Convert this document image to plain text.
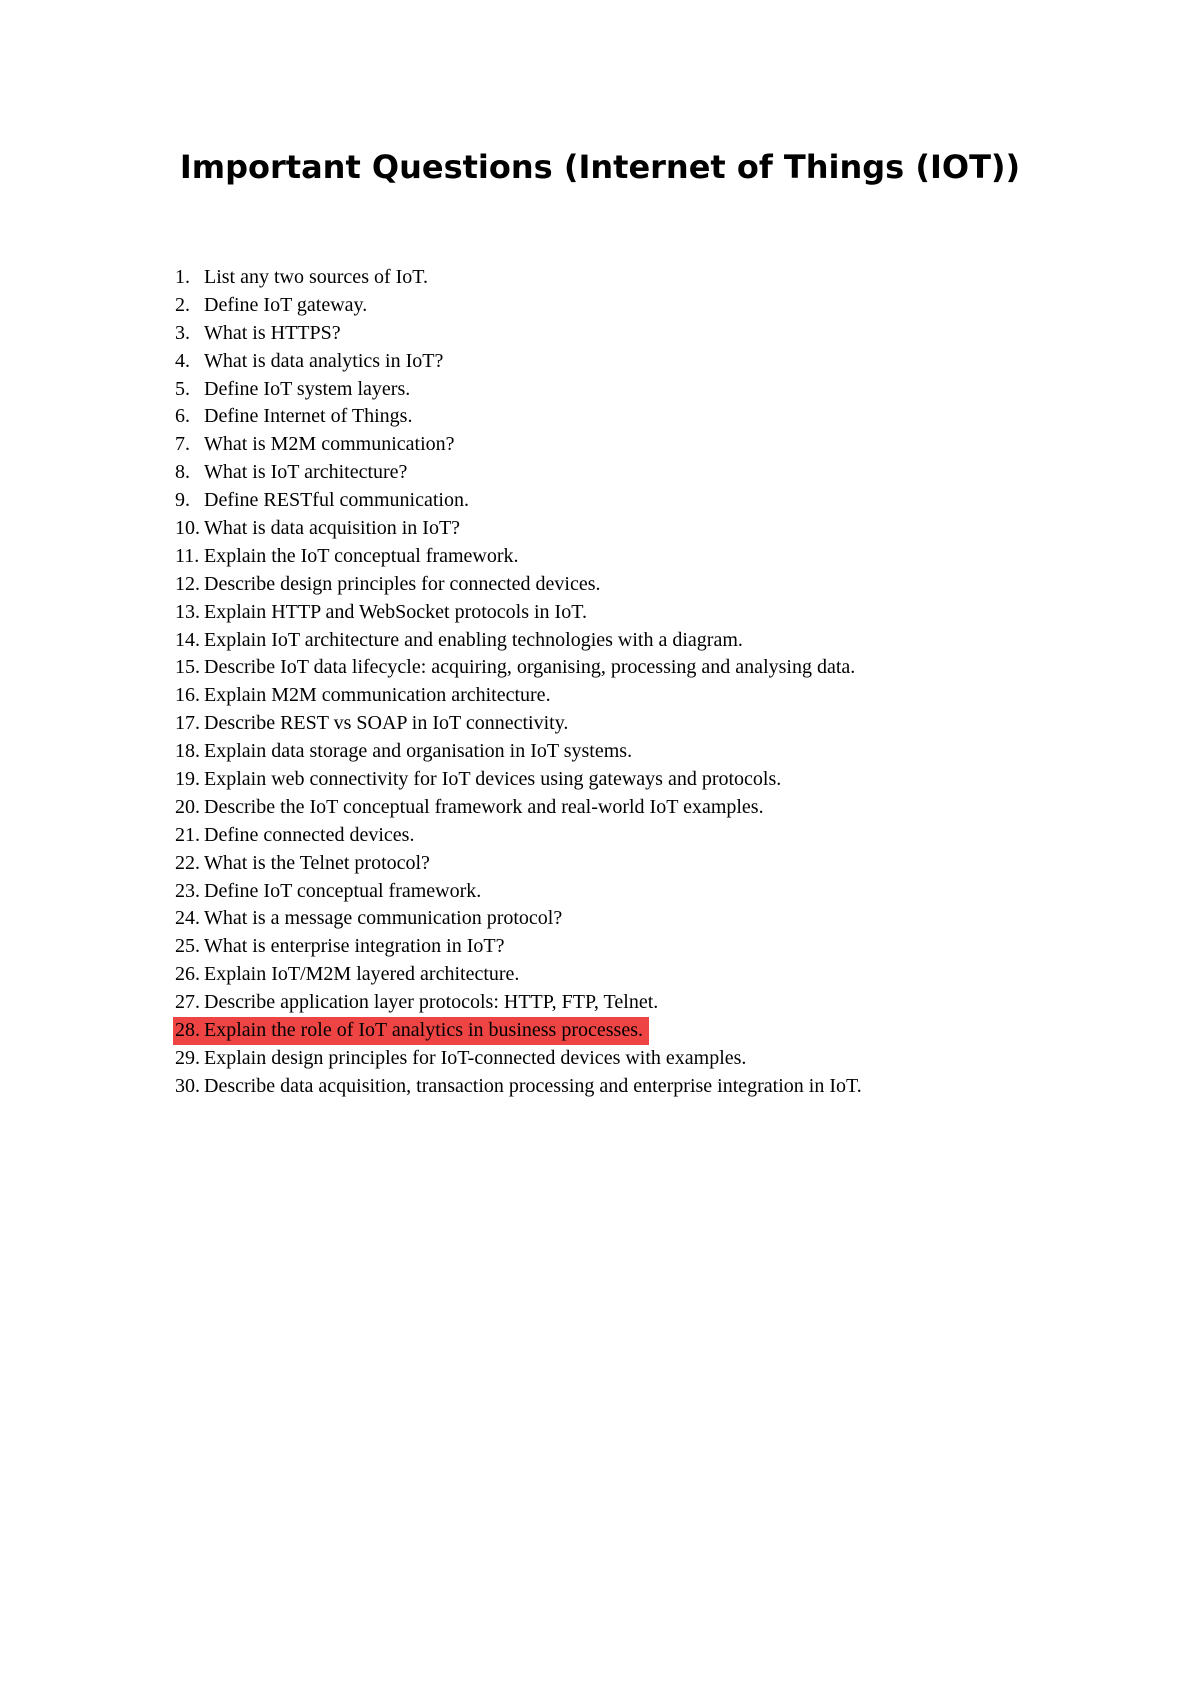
Important Questions (Internet of Things (IOT))
1. List any two sources of IoT.
2. Define IoT gateway.
3. What is HTTPS?
4. What is data analytics in IoT?
5. Define IoT system layers.
6. Define Internet of Things.
7. What is M2M communication?
8. What is IoT architecture?
9. Define RESTful communication.
10. What is data acquisition in IoT?
11. Explain the IoT conceptual framework.
12. Describe design principles for connected devices.
13. Explain HTTP and WebSocket protocols in IoT.
14. Explain IoT architecture and enabling technologies with a diagram.
15. Describe IoT data lifecycle: acquiring, organising, processing and analysing data.
16. Explain M2M communication architecture.
17. Describe REST vs SOAP in IoT connectivity.
18. Explain data storage and organisation in IoT systems.
19. Explain web connectivity for IoT devices using gateways and protocols.
20. Describe the IoT conceptual framework and real-world IoT examples.
21. Define connected devices.
22. What is the Telnet protocol?
23. Define IoT conceptual framework.
24. What is a message communication protocol?
25. What is enterprise integration in IoT?
26. Explain IoT/M2M layered architecture.
27. Describe application layer protocols: HTTP, FTP, Telnet.
28. Explain the role of IoT analytics in business processes.
29. Explain design principles for IoT-connected devices with examples.
30. Describe data acquisition, transaction processing and enterprise integration in IoT.
